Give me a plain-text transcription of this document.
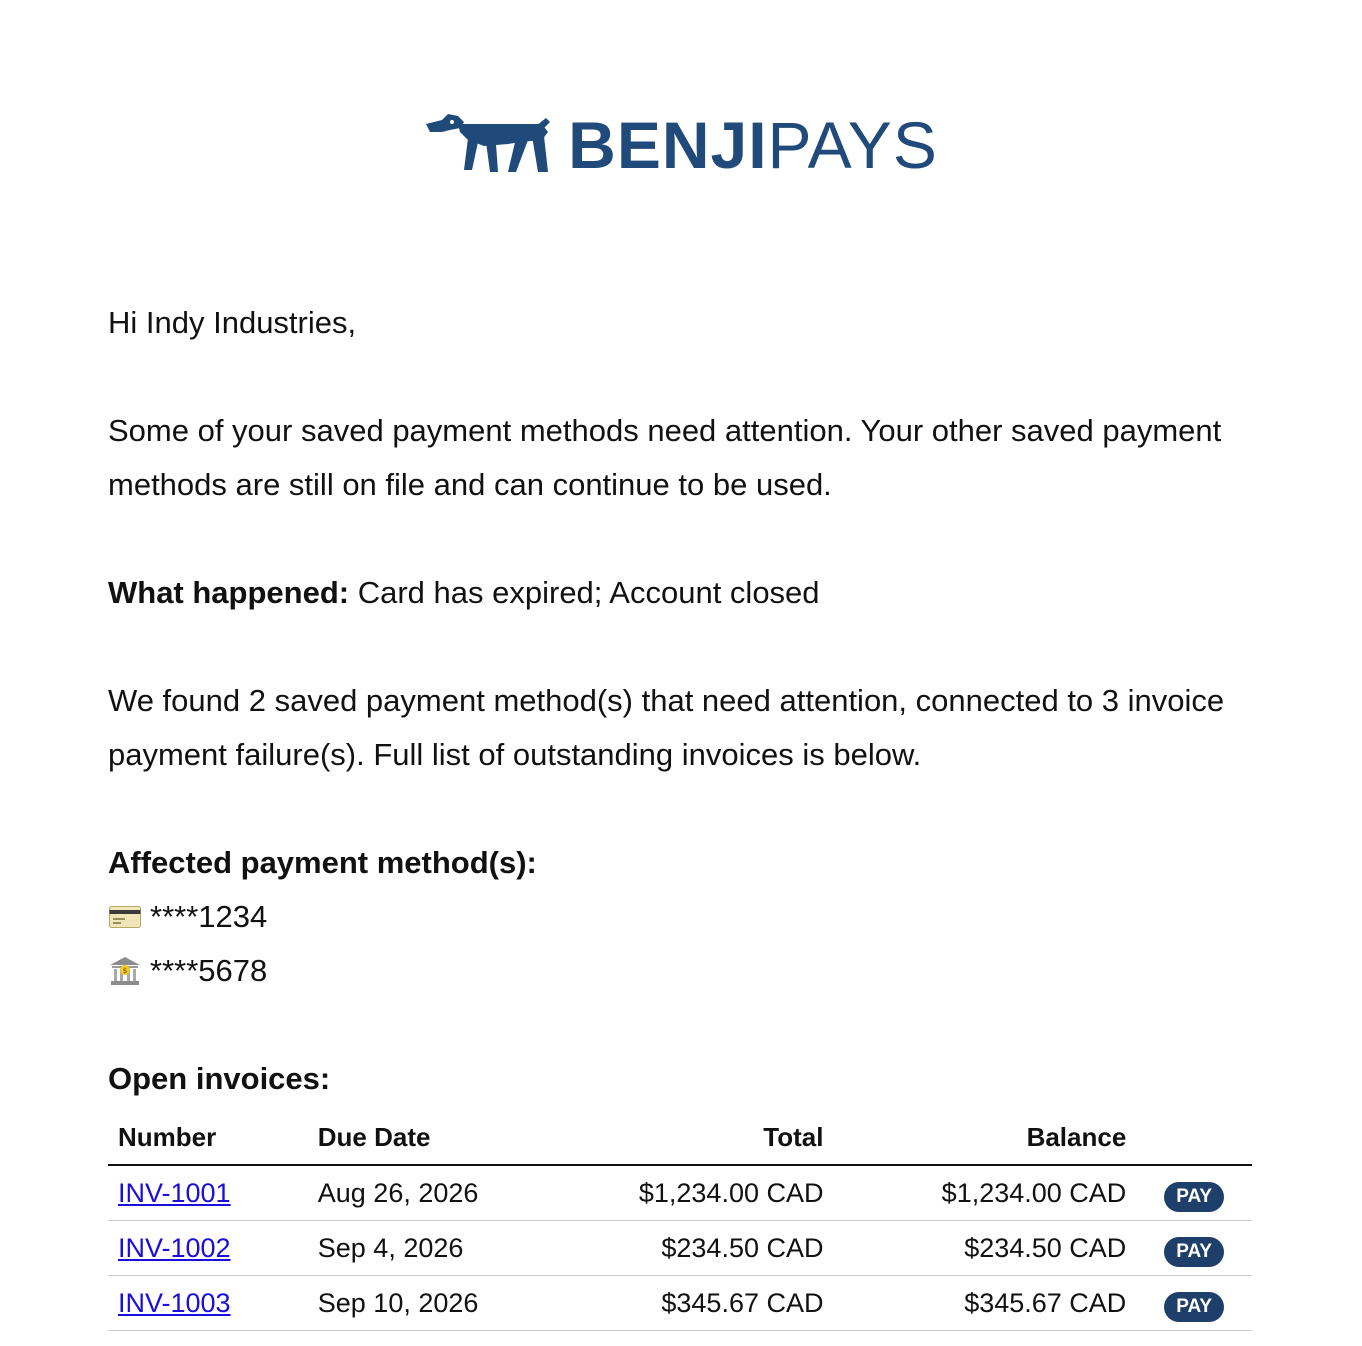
BENJI PAYS

Hi Indy Industries,

Some of your saved payment methods need attention. Your other saved payment methods are still on file and can continue to be used.

What happened: Card has expired; Account closed

We found 2 saved payment method(s) that need attention, connected to 3 invoice payment failure(s). Full list of outstanding invoices is below.

Affected payment method(s):

****1234
$ ****5678

Open invoices:

Number	Due Date	Total	Balance	
INV-1001	Aug 26, 2026	$1,234.00 CAD	$1,234.00 CAD	PAY
INV-1002	Sep 4, 2026	$234.50 CAD	$234.50 CAD	PAY
INV-1003	Sep 10, 2026	$345.67 CAD	$345.67 CAD	PAY
